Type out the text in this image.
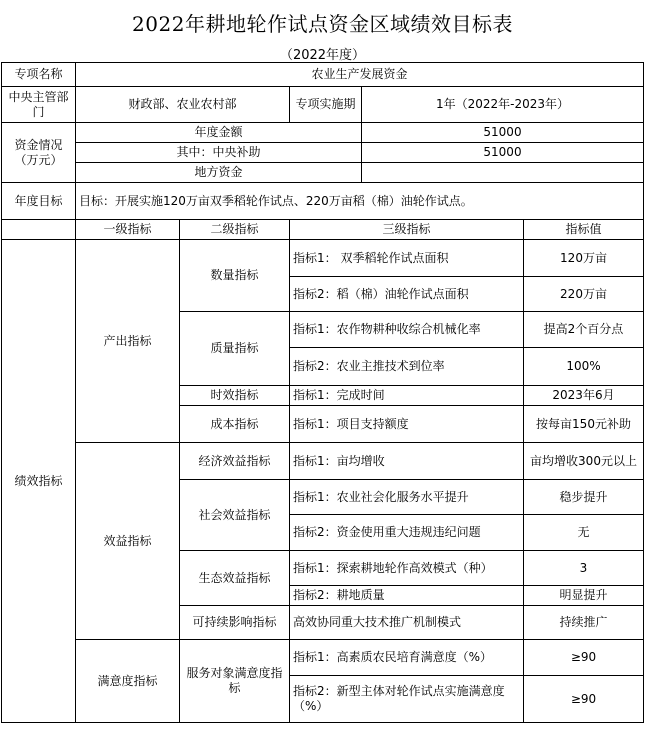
2022年耕地轮作试点资金区域绩效目标表
（2022年度）
专项名称	农业生产发展资金				
中央主管部门	财政部、农业农村部		专项实施期	1年（2022年-2023年）	
资金情况（万元）	年度金额			51000	
	其中：中央补助			51000	
	地方资金				
年度目标	目标：开展实施120万亩双季稻轮作试点、220万亩稻（棉）油轮作试点。				
	一级指标	二级指标	三级指标		指标值
绩效指标	产出指标	数量指标	指标1： 双季稻轮作试点面积		120万亩
			指标2：稻（棉）油轮作试点面积		220万亩
		质量指标	指标1：农作物耕种收综合机械化率		提高2个百分点
			指标2：农业主推技术到位率		100%
		时效指标	指标1：完成时间		2023年6月
		成本指标	指标1：项目支持额度		按每亩150元补助
	效益指标	经济效益指标	指标1：亩均增收		亩均增收300元以上
		社会效益指标	指标1：农业社会化服务水平提升		稳步提升
			指标2：资金使用重大违规违纪问题		无
		生态效益指标	指标1：探索耕地轮作高效模式（种）		3
			指标2：耕地质量		明显提升
		可持续影响指标	高效协同重大技术推广机制模式		持续推广
	满意度指标	服务对象满意度指标	指标1：高素质农民培育满意度（%）		≥90
			指标2：新型主体对轮作试点实施满意度（%）		≥90
